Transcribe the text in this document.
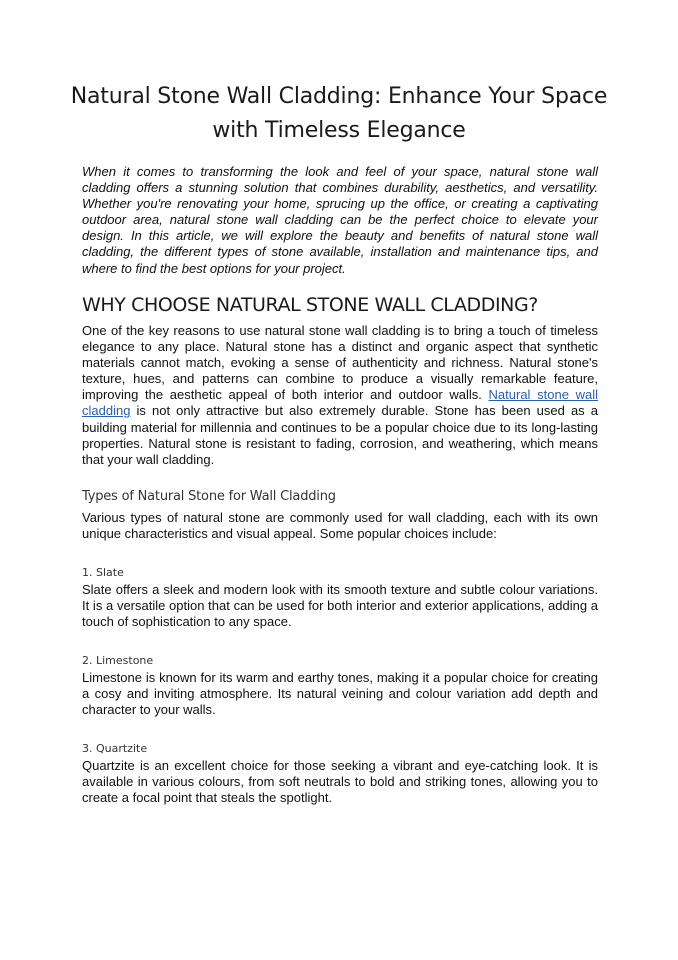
Natural Stone Wall Cladding: Enhance Your Space with Timeless Elegance

When it comes to transforming the look and feel of your space, natural stone wall cladding offers a stunning solution that combines durability, aesthetics, and versatility. Whether you're renovating your home, sprucing up the office, or creating a captivating outdoor area, natural stone wall cladding can be the perfect choice to elevate your design. In this article, we will explore the beauty and benefits of natural stone wall cladding, the different types of stone available, installation and maintenance tips, and where to find the best options for your project.

WHY CHOOSE NATURAL STONE WALL CLADDING?

One of the key reasons to use natural stone wall cladding is to bring a touch of timeless elegance to any place. Natural stone has a distinct and organic aspect that synthetic materials cannot match, evoking a sense of authenticity and richness. Natural stone's texture, hues, and patterns can combine to produce a visually remarkable feature, improving the aesthetic appeal of both interior and outdoor walls. Natural stone wall cladding is not only attractive but also extremely durable. Stone has been used as a building material for millennia and continues to be a popular choice due to its long-lasting properties. Natural stone is resistant to fading, corrosion, and weathering, which means that your wall cladding.

Types of Natural Stone for Wall Cladding

Various types of natural stone are commonly used for wall cladding, each with its own unique characteristics and visual appeal. Some popular choices include:

1. Slate

Slate offers a sleek and modern look with its smooth texture and subtle colour variations. It is a versatile option that can be used for both interior and exterior applications, adding a touch of sophistication to any space.

2. Limestone

Limestone is known for its warm and earthy tones, making it a popular choice for creating a cosy and inviting atmosphere. Its natural veining and colour variation add depth and character to your walls.

3. Quartzite

Quartzite is an excellent choice for those seeking a vibrant and eye-catching look. It is available in various colours, from soft neutrals to bold and striking tones, allowing you to create a focal point that steals the spotlight.
